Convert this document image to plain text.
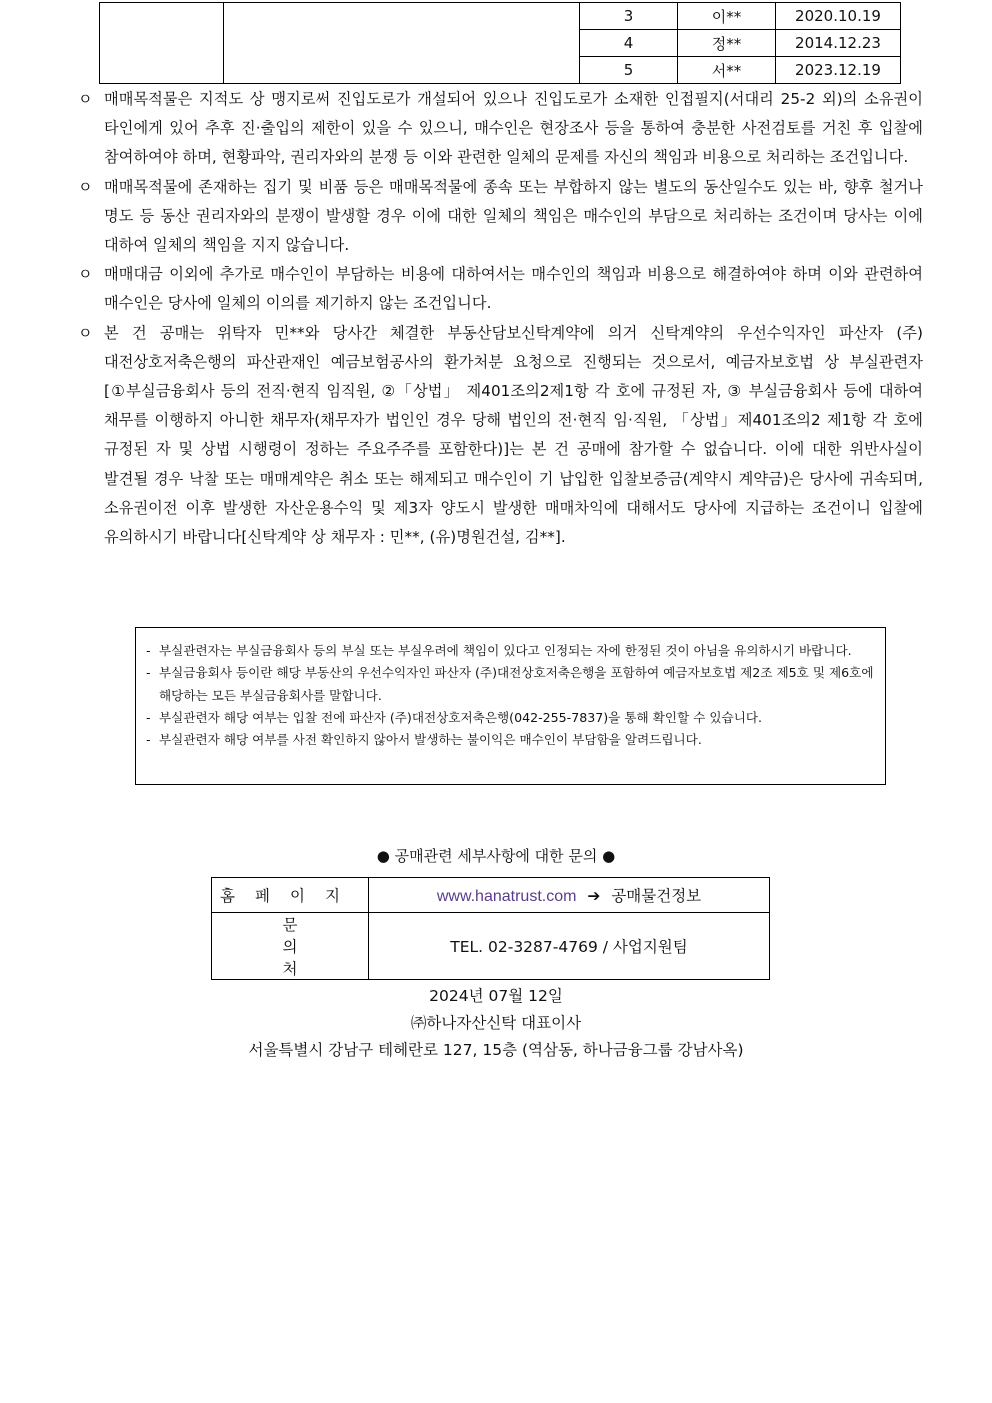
		3	이**	2020.10.19
		4	정**	2014.12.23
		5	서**	2023.12.19

ㅇ 매매목적물은 지적도 상 맹지로써 진입도로가 개설되어 있으나 진입도로가 소재한 인접필지(서대리 25-2 외)의 소유권이 타인에게 있어 추후 진·출입의 제한이 있을 수 있으니, 매수인은 현장조사 등을 통하여 충분한 사전검토를 거친 후 입찰에 참여하여야 하며, 현황파악, 권리자와의 분쟁 등 이와 관련한 일체의 문제를 자신의 책임과 비용으로 처리하는 조건입니다.

ㅇ 매매목적물에 존재하는 집기 및 비품 등은 매매목적물에 종속 또는 부합하지 않는 별도의 동산일수도 있는 바, 향후 철거나 명도 등 동산 권리자와의 분쟁이 발생할 경우 이에 대한 일체의 책임은 매수인의 부담으로 처리하는 조건이며 당사는 이에 대하여 일체의 책임을 지지 않습니다.

ㅇ 매매대금 이외에 추가로 매수인이 부담하는 비용에 대하여서는 매수인의 책임과 비용으로 해결하여야 하며 이와 관련하여 매수인은 당사에 일체의 이의를 제기하지 않는 조건입니다.

ㅇ 본 건 공매는 위탁자 민**와 당사간 체결한 부동산담보신탁계약에 의거 신탁계약의 우선수익자인 파산자 (주)대전상호저축은행의 파산관재인 예금보험공사의 환가처분 요청으로 진행되는 것으로서, 예금자보호법 상 부실관련자[①부실금융회사 등의 전직·현직 임직원, ②「상법」 제401조의2제1항 각 호에 규정된 자, ③ 부실금융회사 등에 대하여 채무를 이행하지 아니한 채무자(채무자가 법인인 경우 당해 법인의 전·현직 임·직원, 「상법」제401조의2 제1항 각 호에 규정된 자 및 상법 시행령이 정하는 주요주주를 포함한다)]는 본 건 공매에 참가할 수 없습니다. 이에 대한 위반사실이 발견될 경우 낙찰 또는 매매계약은 취소 또는 해제되고 매수인이 기 납입한 입찰보증금(계약시 계약금)은 당사에 귀속되며, 소유권이전 이후 발생한 자산운용수익 및 제3자 양도시 발생한 매매차익에 대해서도 당사에 지급하는 조건이니 입찰에 유의하시기 바랍니다[신탁계약 상 채무자 : 민**, (유)명원건설, 김**].

- 부실관련자는 부실금융회사 등의 부실 또는 부실우려에 책임이 있다고 인정되는 자에 한정된 것이 아님을 유의하시기 바랍니다.
- 부실금융회사 등이란 해당 부동산의 우선수익자인 파산자 (주)대전상호저축은행을 포함하여 예금자보호법 제2조 제5호 및 제6호에 해당하는 모든 부실금융회사를 말합니다.
- 부실관련자 해당 여부는 입찰 전에 파산자 (주)대전상호저축은행(042-255-7837)을 통해 확인할 수 있습니다.
- 부실관련자 해당 여부를 사전 확인하지 않아서 발생하는 불이익은 매수인이 부담함을 알려드립니다.
● 공매관련 세부사항에 대한 문의 ●
홈페이지	www.hanatrust.com ➔ 공매물건정보
문의처	TEL. 02-3287-4769 / 사업지원팀
2024년 07월 12일
㈜하나자산신탁 대표이사
서울특별시 강남구 테헤란로 127, 15층 (역삼동, 하나금융그룹 강남사옥)
